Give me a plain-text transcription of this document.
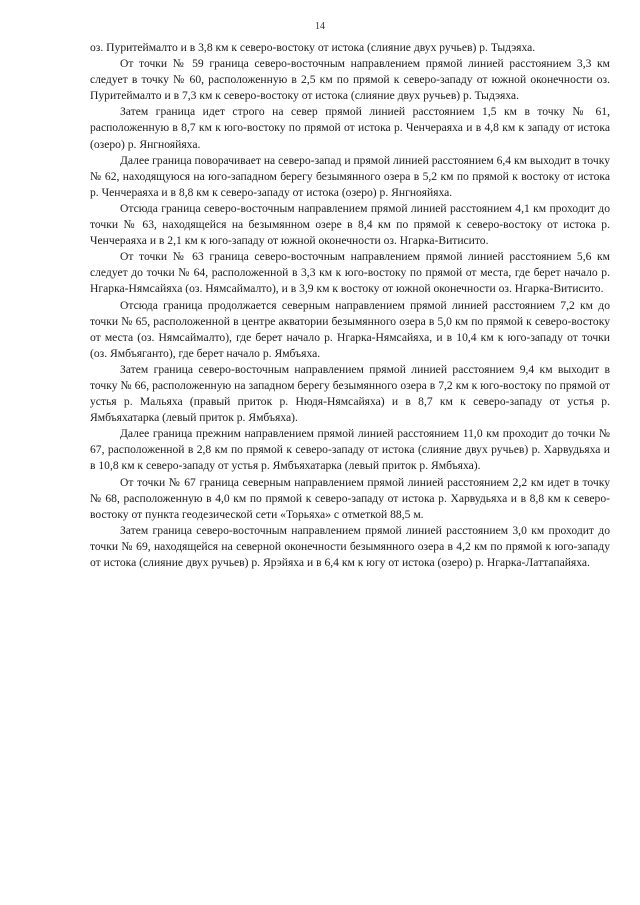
14

оз. Пуритеймалто и в 3,8 км к северо-востоку от истока (слияние двух ручьев) р. Тыдэяха.

От точки № 59 граница северо-восточным направлением прямой линией расстоянием 3,3 км следует в точку № 60, расположенную в 2,5 км по прямой к северо-западу от южной оконечности оз. Пуритеймалто и в 7,3 км к северо-востоку от истока (слияние двух ручьев) р. Тыдэяха.

Затем граница идет строго на север прямой линией расстоянием 1,5 км в точку № 61, расположенную в 8,7 км к юго-востоку по прямой от истока р. Ченчераяха и в 4,8 км к западу от истока (озеро) р. Янгнояйяха.

Далее граница поворачивает на северо-запад и прямой линией расстоянием 6,4 км выходит в точку № 62, находящуюся на юго-западном берегу безымянного озера в 5,2 км по прямой к востоку от истока р. Ченчераяха и в 8,8 км к северо-западу от истока (озеро) р. Янгнояйяха.

Отсюда граница северо-восточным направлением прямой линией расстоянием 4,1 км проходит до точки № 63, находящейся на безымянном озере в 8,4 км по прямой к северо-востоку от истока р. Ченчераяха и в 2,1 км к юго-западу от южной оконечности оз. Нгарка-Витисито.

От точки № 63 граница северо-восточным направлением прямой линией расстоянием 5,6 км следует до точки № 64, расположенной в 3,3 км к юго-востоку по прямой от места, где берет начало р. Нгарка-Нямсайяха (оз. Нямсаймалто), и в 3,9 км к востоку от южной оконечности оз. Нгарка-Витисито.

Отсюда граница продолжается северным направлением прямой линией расстоянием 7,2 км до точки № 65, расположенной в центре акватории безымянного озера в 5,0 км по прямой к северо-востоку от места (оз. Нямсаймалто), где берет начало р. Нгарка-Нямсайяха, и в 10,4 км к юго-западу от точки (оз. Ямбъяганто), где берет начало р. Ямбъяха.

Затем граница северо-восточным направлением прямой линией расстоянием 9,4 км выходит в точку № 66, расположенную на западном берегу безымянного озера в 7,2 км к юго-востоку по прямой от устья р. Мальяха (правый приток р. Нюдя-Нямсайяха) и в 8,7 км к северо-западу от устья р. Ямбъяхатарка (левый приток р. Ямбъяха).

Далее граница прежним направлением прямой линией расстоянием 11,0 км проходит до точки № 67, расположенной в 2,8 км по прямой к северо-западу от истока (слияние двух ручьев) р. Харвудьяха и в 10,8 км к северо-западу от устья р. Ямбъяхатарка (левый приток р. Ямбъяха).

От точки № 67 граница северным направлением прямой линией расстоянием 2,2 км идет в точку № 68, расположенную в 4,0 км по прямой к северо-западу от истока р. Харвудьяха и в 8,8 км к северо-востоку от пункта геодезической сети «Торьяха» с отметкой 88,5 м.

Затем граница северо-восточным направлением прямой линией расстоянием 3,0 км проходит до точки № 69, находящейся на северной оконечности безымянного озера в 4,2 км по прямой к юго-западу от истока (слияние двух ручьев) р. Ярэйяха и в 6,4 км к югу от истока (озеро) р. Нгарка-Латтапайяха.
